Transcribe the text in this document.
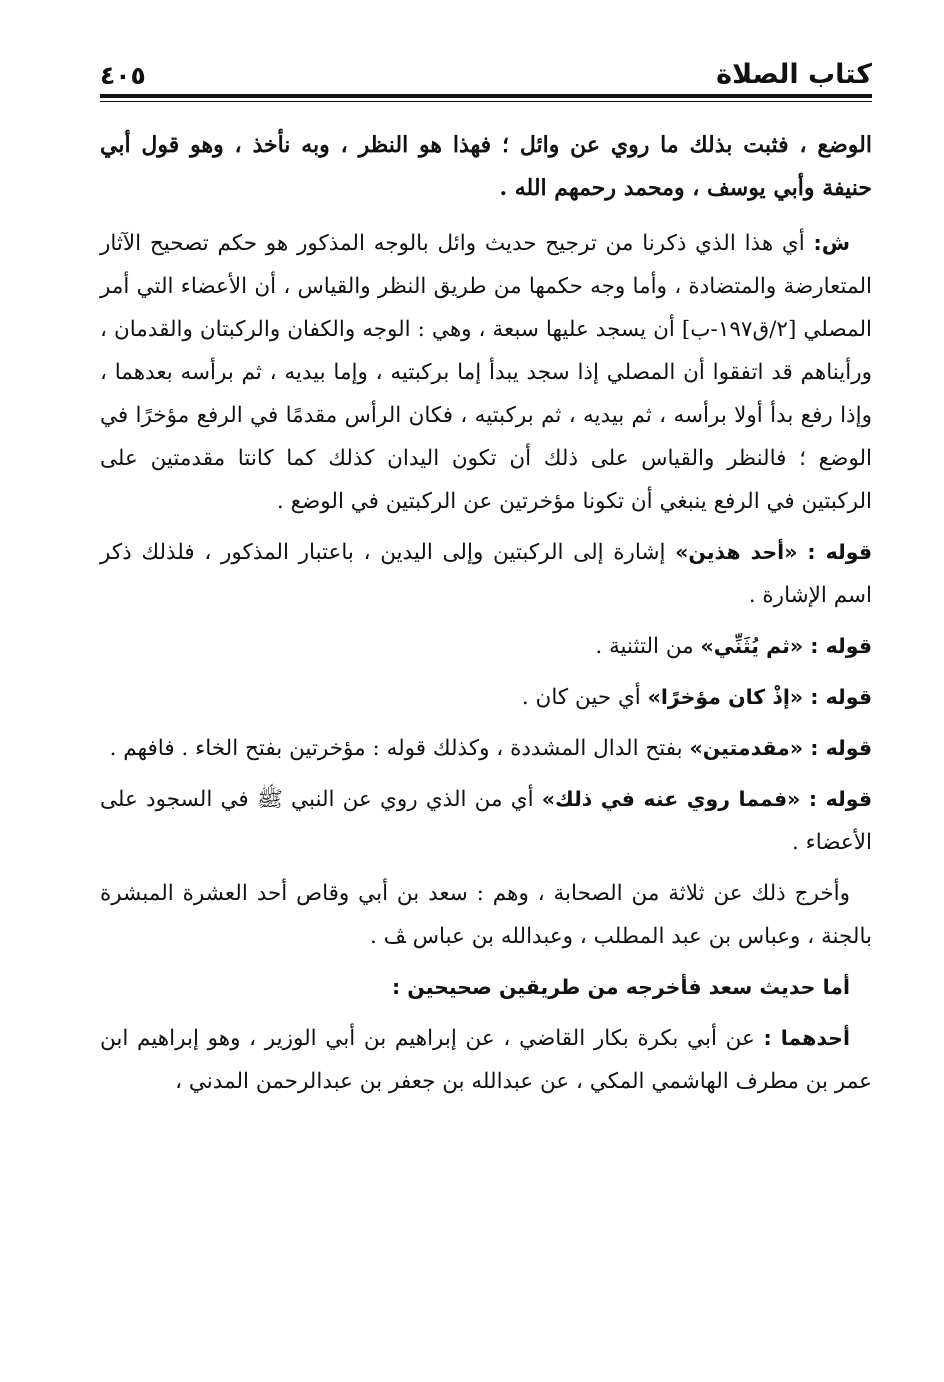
كتاب الصلاة
٤٠٥

الوضع ، فثبت بذلك ما روي عن وائل ؛ فهذا هو النظر ، وبه نأخذ ، وهو قول أبي حنيفة وأبي يوسف ، ومحمد رحمهم الله .

ش: أي هذا الذي ذكرنا من ترجيح حديث وائل بالوجه المذكور هو حكم تصحيح الآثار المتعارضة والمتضادة ، وأما وجه حكمها من طريق النظر والقياس ، أن الأعضاء التي أمر المصلي [٢/ق١٩٧-ب] أن يسجد عليها سبعة ، وهي : الوجه والكفان والركبتان والقدمان ، ورأيناهم قد اتفقوا أن المصلي إذا سجد يبدأ إما بركبتيه ، وإما بيديه ، ثم برأسه بعدهما ، وإذا رفع بدأ أولا برأسه ، ثم بيديه ، ثم بركبتيه ، فكان الرأس مقدمًا في الرفع مؤخرًا في الوضع ؛ فالنظر والقياس على ذلك أن تكون اليدان كذلك كما كانتا مقدمتين على الركبتين في الرفع ينبغي أن تكونا مؤخرتين عن الركبتين في الوضع .

قوله : «أحد هذين» إشارة إلى الركبتين وإلى اليدين ، باعتبار المذكور ، فلذلك ذكر اسم الإشارة .

قوله : «ثم يُثَنِّي» من التثنية .

قوله : «إذْ كان مؤخرًا» أي حين كان .

قوله : «مقدمتين» بفتح الدال المشددة ، وكذلك قوله : مؤخرتين بفتح الخاء . فافهم .

قوله : «فمما روي عنه في ذلك» أي من الذي روي عن النبي ﷺ في السجود على الأعضاء .

وأخرج ذلك عن ثلاثة من الصحابة ، وهم : سعد بن أبي وقاص أحد العشرة المبشرة بالجنة ، وعباس بن عبد المطلب ، وعبدالله بن عباس ﭫ .

أما حديث سعد فأخرجه من طريقين صحيحين :

أحدهما : عن أبي بكرة بكار القاضي ، عن إبراهيم بن أبي الوزير ، وهو إبراهيم ابن عمر بن مطرف الهاشمي المكي ، عن عبدالله بن جعفر بن عبدالرحمن المدني ،
